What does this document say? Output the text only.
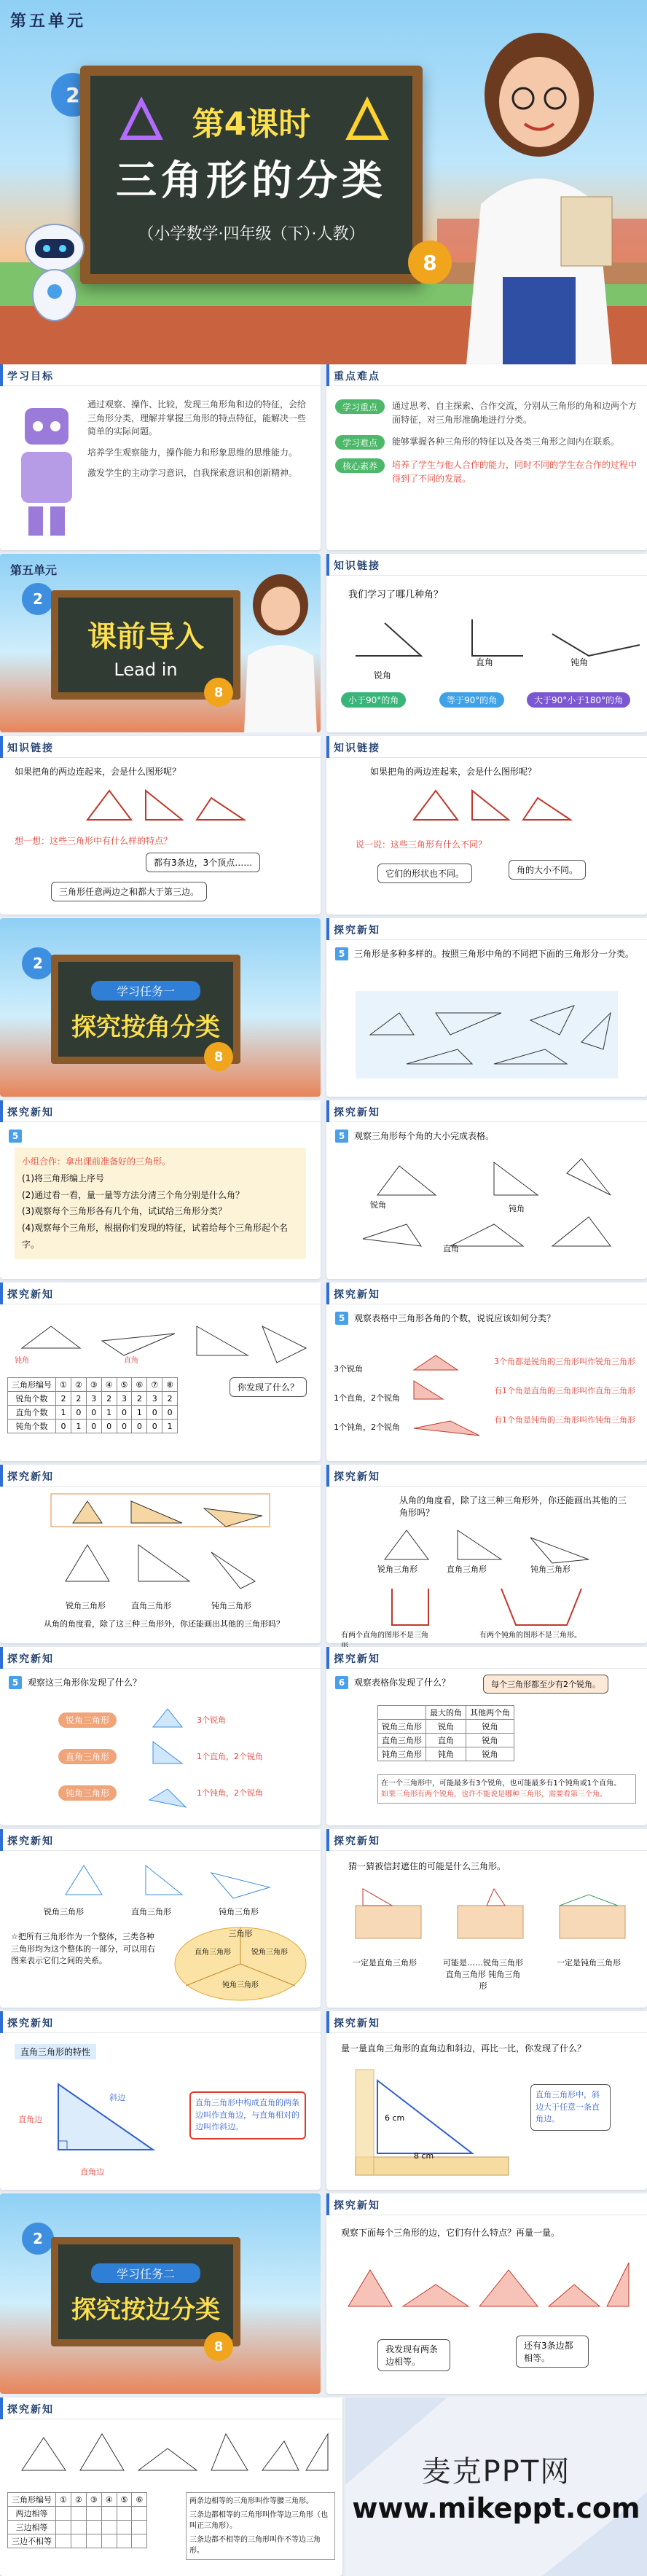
第五单元
2
第4课时
三角形的分类
（小学数学·四年级（下）·人教）
8
学习目标

通过观察、操作、比较，发现三角形角和边的特征，会给三角形分类，理解并掌握三角形的特点特征，能解决一些简单的实际问题。

培养学生观察能力，操作能力和形象思维的思维能力。

激发学生的主动学习意识，自我探索意识和创新精神。

重点难点
学习重点	通过思考、自主探索、合作交流，分别从三角形的角和边两个方面特征，对三角形准确地进行分类。
学习难点	能够掌握各种三角形的特征以及各类三角形之间内在联系。
核心素养	培养了学生与他人合作的能力，同时不同的学生在合作的过程中得到了不同的发展。
第五单元
2
课前导入
Lead in
8
知识链接
我们学习了哪几种角？
锐角
直角	钝角
小于90°的角	等于90°的角	大于90°小于180°的角
知识链接
如果把角的两边连起来，会是什么图形呢？
想一想：这些三角形中有什么样的特点？
都有3条边，3个顶点……
三角形任意两边之和都大于第三边。
知识链接
如果把角的两边连起来，会是什么图形呢？
说一说：这些三角形有什么不同？
它们的形状也不同。	角的大小不同。
2
学习任务一
探究按角分类
8
探究新知
5	三角形是多种多样的。按照三角形中角的不同把下面的三角形分一分类。
探究新知
5
小组合作：拿出课前准备好的三角形。
(1)将三角形编上序号
(2)通过看一看，量一量等方法分清三个角分别是什么角？
(3)观察每个三角形各有几个角，试试给三角形分类？
(4)观察每个三角形，根据你们发现的特征，试着给每个三角形起个名字。
探究新知
5	观察三角形每个角的大小完成表格。
锐角	钝角
直角
探究新知
三角形编号	①	②	③	④	⑤	⑥	⑦	⑧
锐角个数	2	2	3	2	3	2	3	2
直角个数	1	0	0	1	0	1	0	0
钝角个数	0	1	0	0	0	0	0	1
你发现了什么？
钝角	直角
探究新知
5	观察表格中三角形各角的个数，说说应该如何分类？
3个锐角
1个直角，2个锐角
1个钝角，2个锐角
3个角都是锐角的三角形叫作锐角三角形
有1个角是直角的三角形叫作直角三角形
有1个角是钝角的三角形叫作钝角三角形
探究新知
锐角三角形	直角三角形	钝角三角形
从角的角度看，除了这三种三角形外，你还能画出其他的三角形吗？
探究新知
从角的角度看，除了这三种三角形外，你还能画出其他的三角形吗？
锐角三角形	直角三角形	钝角三角形
有两个直角的图形不是三角	有两个钝角的图形不是三角形。
探究新知
5	观察这三角形你发现了什么？
锐角三角形
直角三角形
钝角三角形
3个锐角
1个直角，2个锐角
1个钝角，2个锐角
探究新知
6	观察表格你发现了什么？	每个三角形都至少有2个锐角。
	最大的角	其他两个角
锐角三角形	锐角	锐角
直角三角形	直角	锐角
钝角三角形	钝角	锐角
在一个三角形中，可能最多有3个锐角，也可能最多有1个钝角或1个直角。
如果三角形有两个锐角，也许不能说是哪种三角形，需要看第三个角。
探究新知
锐角三角形	直角三角形	钝角三角形
☆把所有三角形作为一个整体，三类各种三角形均为这个整体的一部分，可以用右图来表示它们之间的关系。
三角形
直角三角形	锐角三角形
钝角三角形
探究新知
猜一猜被信封遮住的可能是什么三角形。
一定是直角三角形	可能是……锐角三角形 直角三角形 钝角三角形
一定是钝角三角形
探究新知
直角三角形的特性
斜边
直角边
直角边
直角三角形中构成直角的两条边叫作直角边，与直角相对的边叫作斜边。
探究新知
量一量直角三角形的直角边和斜边，再比一比，你发现了什么？
6 cm
8 cm
直角三角形中，斜边大于任意一条直角边。
2
学习任务二
探究按边分类
8
探究新知
观察下面每个三角形的边，它们有什么特点？再量一量。
我发现有两条边相等。
还有3条边都相等。
探究新知
三角形编号	①	②	③	④	⑤	⑥
两边相等						
三边相等						
三边不相等						
两条边相等的三角形叫作等腰三角形。
三条边都相等的三角形叫作等边三角形（也叫正三角形）。
三条边都不相等的三角形叫作不等边三角形。
麦克PPT网
www.mikeppt.com
